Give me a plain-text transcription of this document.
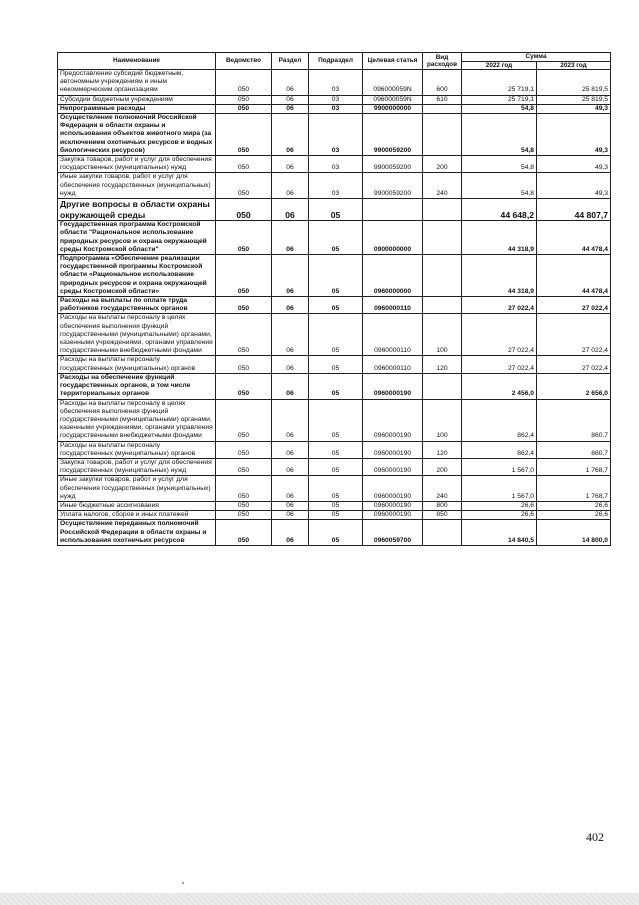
Наименование	Ведомство	Раздел	Подраздел	Целевая статья	Вид расходов	Сумма	
						2022 год	2023 год
Предоставление субсидий бюджетным, автономным учреждениям и иным некоммерческим организациям	050	06	03	096000059N	600	25 719,1	25 819,5
Субсидии бюджетным учреждениям	050	06	03	096000059N	610	25 719,1	25 819,5
Непрограммные расходы	050	06	03	9900000000		54,8	49,3
Осуществление полномочий Российской Федерации в области охраны и использования объектов животного мира (за исключением охотничьих ресурсов и водных биологических ресурсов)	050	06	03	9900059200		54,8	49,3
Закупка товаров, работ и услуг для обеспечения государственных (муниципальных) нужд	050	06	03	9900059200	200	54,8	49,3
Иные закупки товаров, работ и услуг для обеспечения государственных (муниципальных) нужд	050	06	03	9900059200	240	54,8	49,3
Другие вопросы в области охраны окружающей среды	050	06	05			44 648,2	44 807,7
Государственная программа Костромской области "Рациональное использование природных ресурсов и охрана окружающей среды Костромской области"	050	06	05	0900000000		44 318,9	44 478,4
Подпрограмма «Обеспечение реализации государственной программы Костромской области «Рациональное использование природных ресурсов и охрана окружающей среды Костромской области»	050	06	05	0960000000		44 318,9	44 478,4
Расходы на выплаты по оплате труда работников государственных органов	050	06	05	0960000110		27 022,4	27 022,4
Расходы на выплаты персоналу в целях обеспечения выполнения функций государственными (муниципальными) органами, казенными учреждениями, органами управления государственными внебюджетными фондами	050	06	05	0960000110	100	27 022,4	27 022,4
Расходы на выплаты персоналу государственных (муниципальных) органов	050	06	05	0960000110	120	27 022,4	27 022,4
Расходы на обеспечение функций государственных органов, в том числе территориальных органов	050	06	05	0960000190		2 456,0	2 656,0
Расходы на выплаты персоналу в целях обеспечения выполнения функций государственными (муниципальными) органами, казенными учреждениями, органами управления государственными внебюджетными фондами	050	06	05	0960000190	100	862,4	860,7
Расходы на выплаты персоналу государственных (муниципальных) органов	050	06	05	0960000190	120	862,4	860,7
Закупка товаров, работ и услуг для обеспечения государственных (муниципальных) нужд	050	06	05	0960000190	200	1 567,0	1 768,7
Иные закупки товаров, работ и услуг для обеспечения государственных (муниципальных) нужд	050	06	05	0960000190	240	1 567,0	1 768,7
Иные бюджетные ассигнования	050	06	05	0960000190	800	26,6	26,6
Уплата налогов, сборов и иных платежей	050	06	05	0960000190	850	26,6	26,6
Осуществление переданных полномочий Российской Федерации в области охраны и использования охотничьих ресурсов	050	06	05	0960059700		14 840,5	14 800,0
402
